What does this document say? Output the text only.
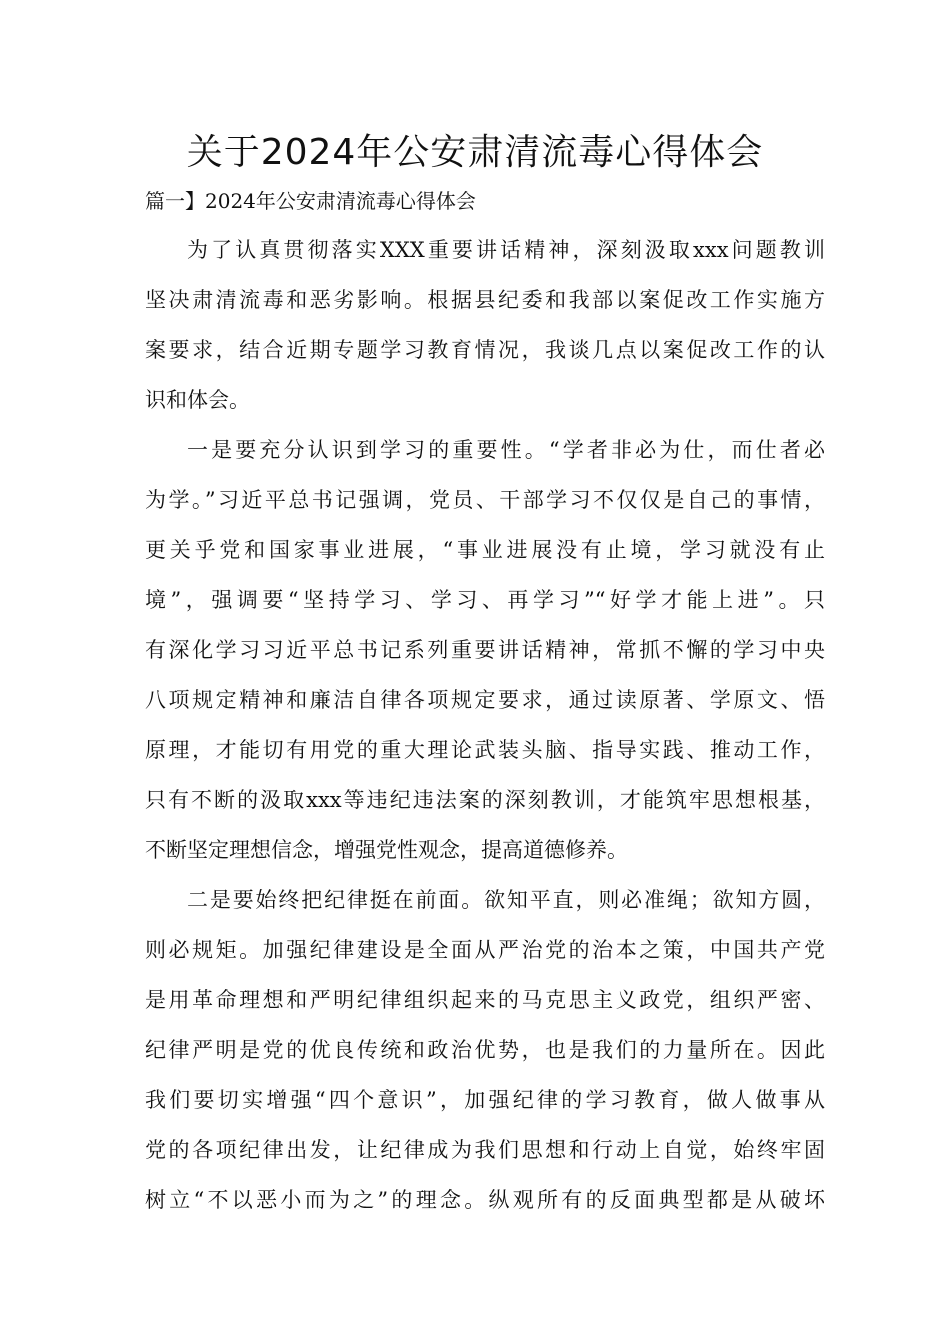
关于2024年公安肃清流毒心得体会

篇一】2024年公安肃清流毒心得体会

为了认真贯彻落实XXX重要讲话精神，深刻汲取xxx问题教训

坚决肃清流毒和恶劣影响。根据县纪委和我部以案促改工作实施方

案要求，结合近期专题学习教育情况，我谈几点以案促改工作的认

识和体会。

一是要充分认识到学习的重要性。“学者非必为仕，而仕者必

为学。”习近平总书记强调，党员、干部学习不仅仅是自己的事情，

更关乎党和国家事业进展，“事业进展没有止境，学习就没有止

境”，强调要“坚持学习、学习、再学习”“好学才能上进”。只

有深化学习习近平总书记系列重要讲话精神，常抓不懈的学习中央

八项规定精神和廉洁自律各项规定要求，通过读原著、学原文、悟

原理，才能切有用党的重大理论武装头脑、指导实践、推动工作，

只有不断的汲取xxx等违纪违法案的深刻教训，才能筑牢思想根基，

不断坚定理想信念，增强党性观念，提高道德修养。

二是要始终把纪律挺在前面。欲知平直，则必准绳；欲知方圆，

则必规矩。加强纪律建设是全面从严治党的治本之策，中国共产党

是用革命理想和严明纪律组织起来的马克思主义政党，组织严密、

纪律严明是党的优良传统和政治优势，也是我们的力量所在。因此

我们要切实增强“四个意识”，加强纪律的学习教育，做人做事从

党的各项纪律出发，让纪律成为我们思想和行动上自觉，始终牢固

树立“不以恶小而为之”的理念。纵观所有的反面典型都是从破坏
